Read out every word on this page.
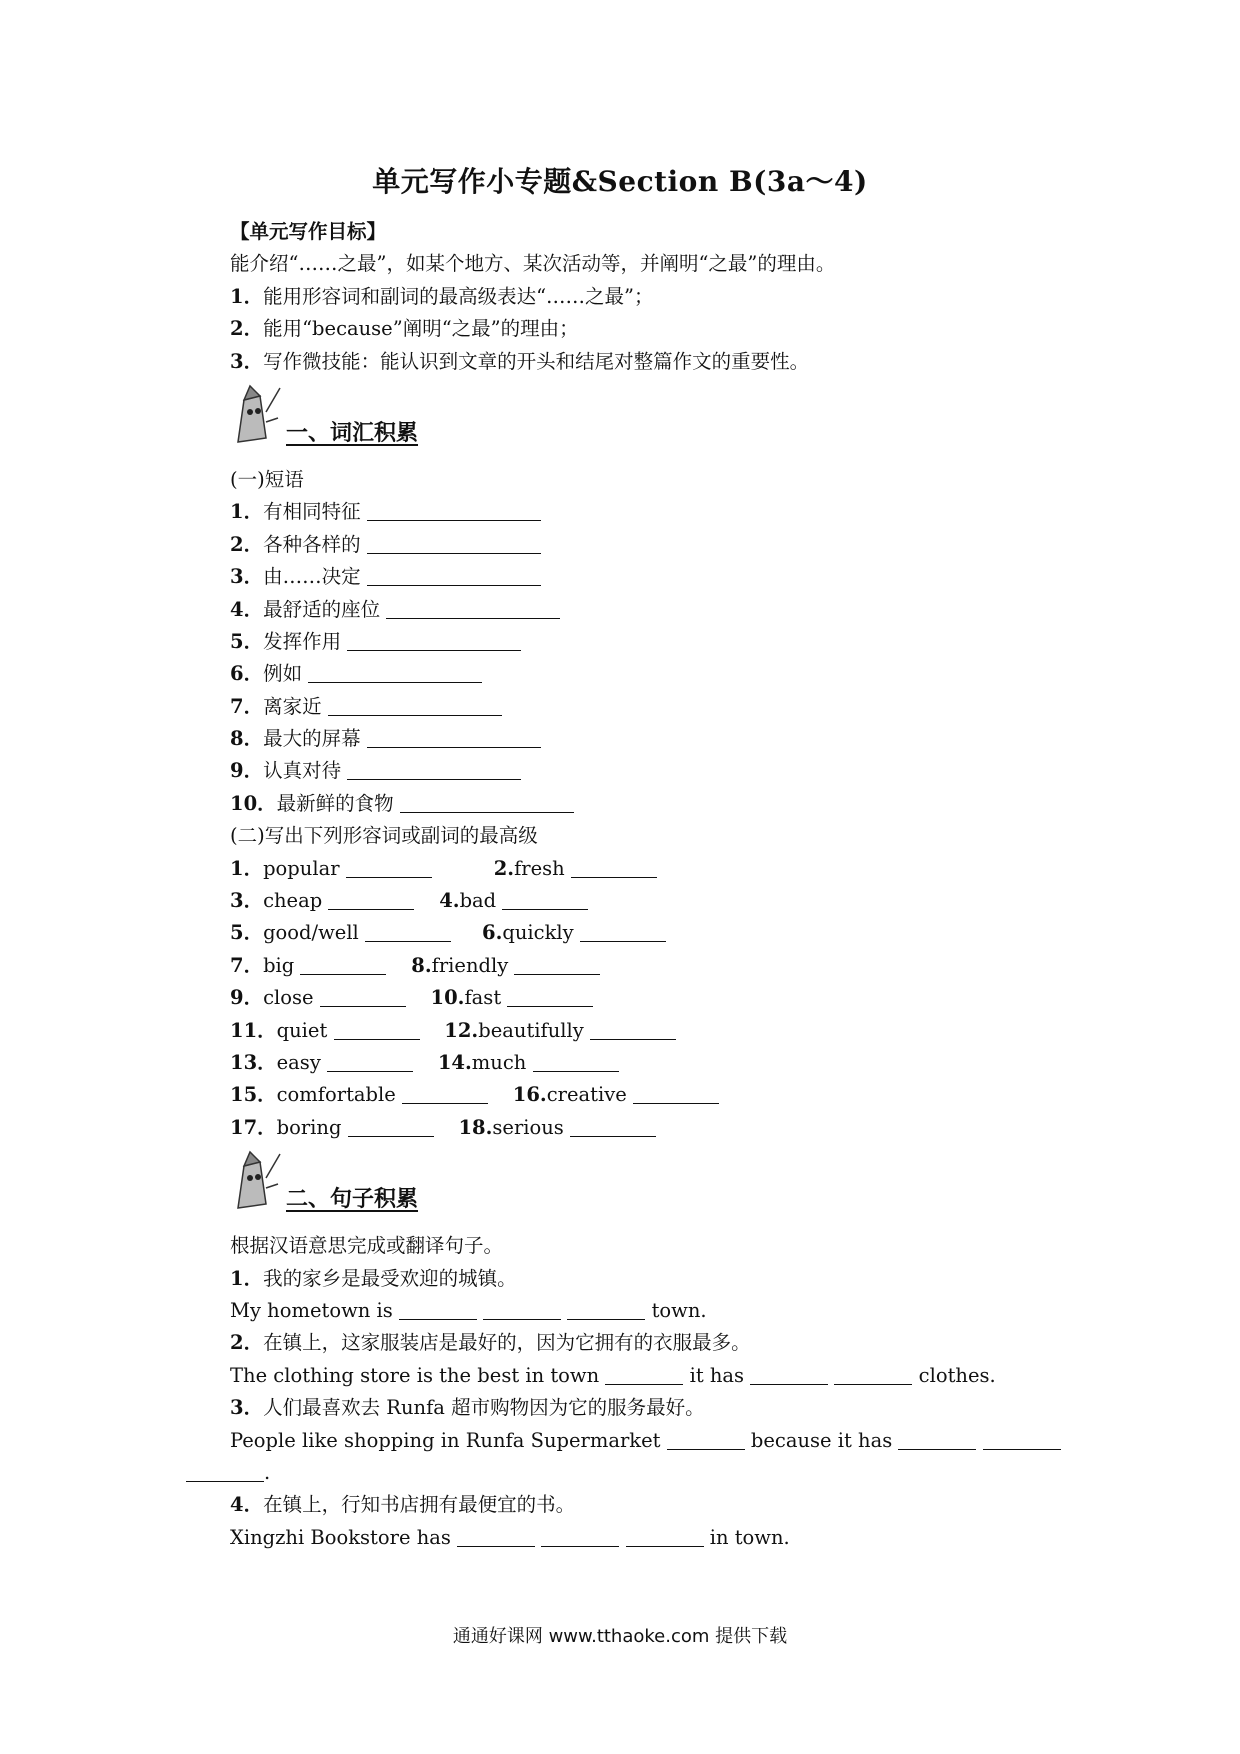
单元写作小专题&Section B(3a～4)
【单元写作目标】
能介绍“……之最”，如某个地方、某次活动等，并阐明“之最”的理由。
1．能用形容词和副词的最高级表达“……之最”；
2．能用“because”阐明“之最”的理由；
3．写作微技能：能认识到文章的开头和结尾对整篇作文的重要性。
一、词汇积累
(一)短语
1．有相同特征
2．各种各样的
3．由……决定
4．最舒适的座位
5．发挥作用
6．例如
7．离家近
8．最大的屏幕
9．认真对待
10．最新鲜的食物
(二)写出下列形容词或副词的最高级
1．popular	2.fresh
3．cheap	4.bad
5．good/well	6.quickly
7．big	8.friendly
9．close	10.fast
11．quiet	12.beautifully
13．easy	14.much
15．comfortable	16.creative
17．boring	18.serious
二、句子积累
根据汉语意思完成或翻译句子。
1．我的家乡是最受欢迎的城镇。
My hometown is	town.
2．在镇上，这家服装店是最好的，因为它拥有的衣服最多。
The clothing store is the best in town	it has	clothes.
3．人们最喜欢去 Runfa 超市购物因为它的服务最好。
People like shopping in Runfa Supermarket	because it has
.
4．在镇上，行知书店拥有最便宜的书。
Xingzhi Bookstore has	in town.
通通好课网 www.tthaoke.com 提供下载
